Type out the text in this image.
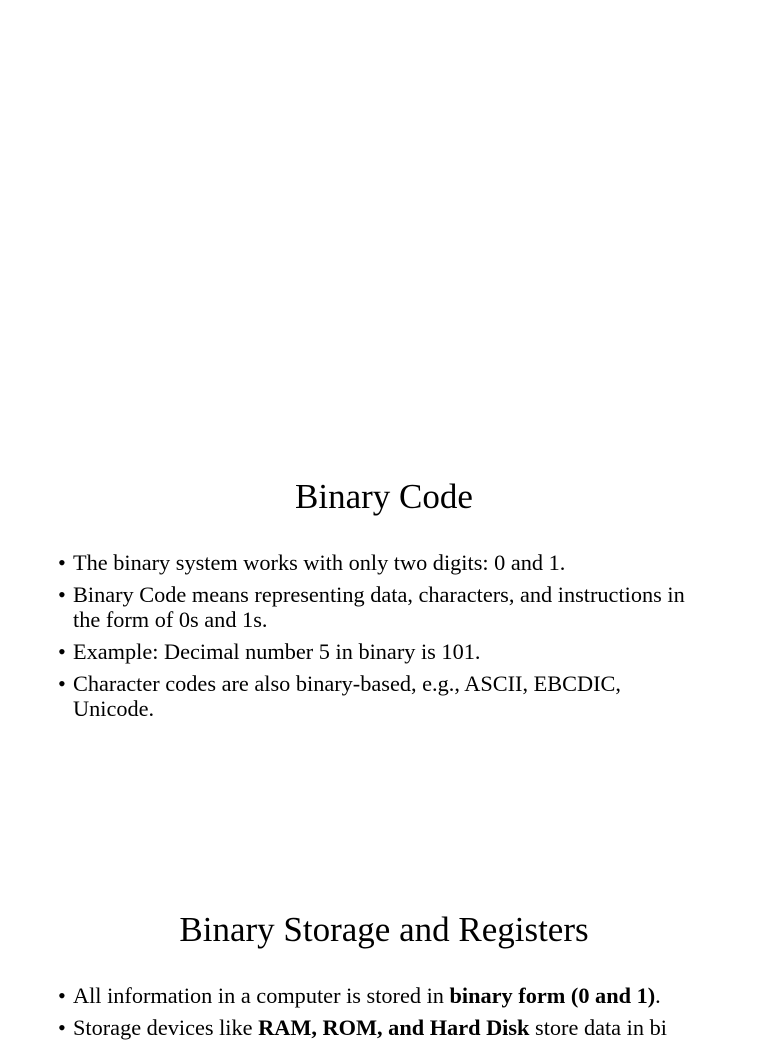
Binary Code
• The binary system works with only two digits: 0 and 1.
• Binary Code means representing data, characters, and instructions in the form of 0s and 1s.
• Example: Decimal number 5 in binary is 101.
• Character codes are also binary-based, e.g., ASCII, EBCDIC, Unicode.
Binary Storage and Registers
• All information in a computer is stored in binary form (0 and 1).
• Storage devices like RAM, ROM, and Hard Disk store data in bi
